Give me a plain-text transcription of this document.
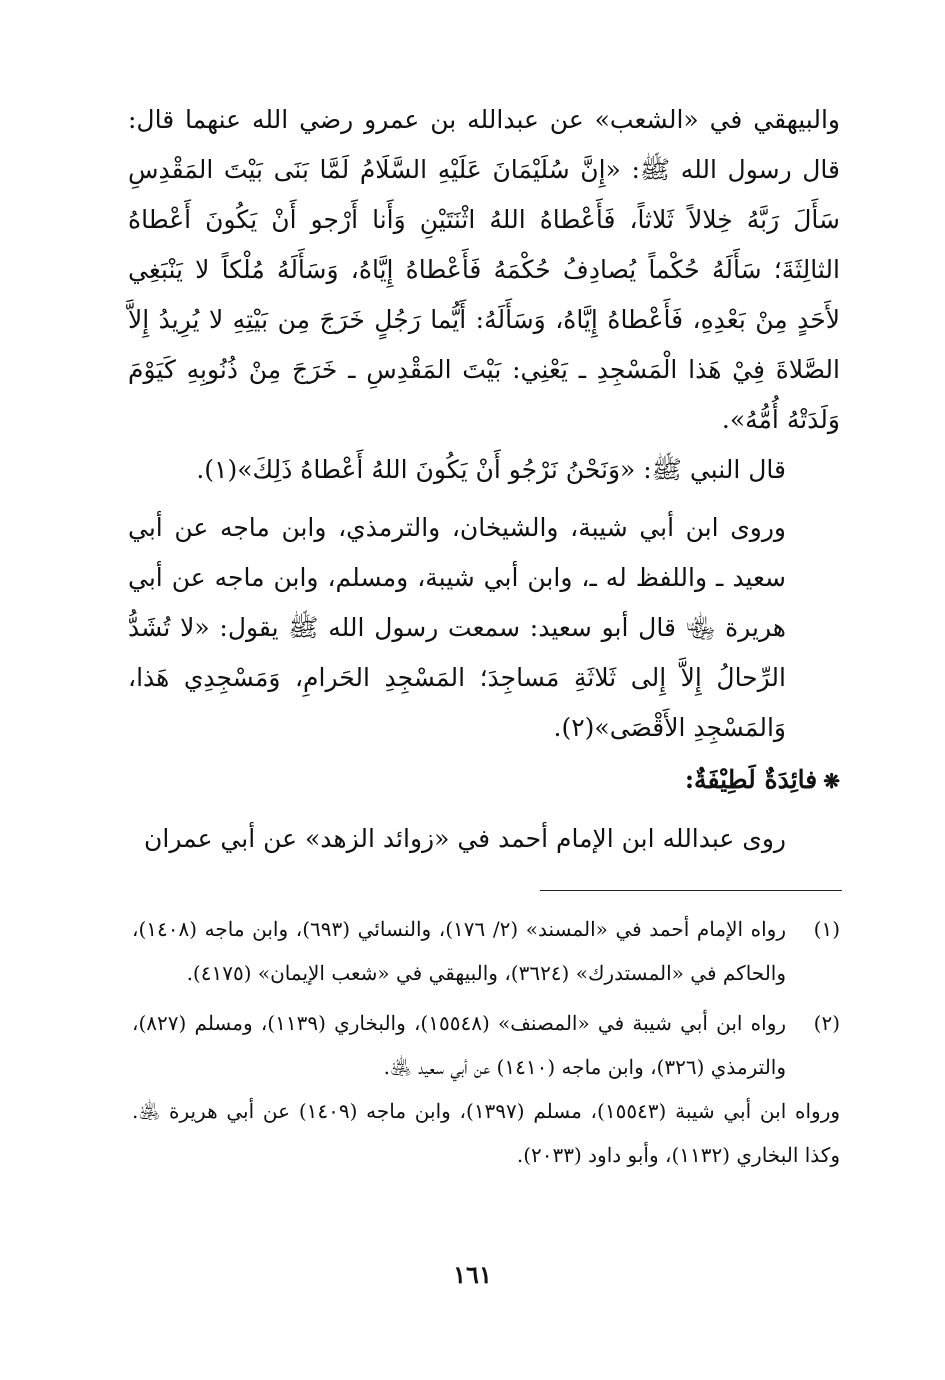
والبيهقي في «الشعب» عن عبدالله بن عمرو رضي الله عنهما قال: قال رسول الله ﷺ: «إِنَّ سُلَيْمَانَ عَلَيْهِ السَّلَامُ لَمَّا بَنَى بَيْتَ المَقْدِسِ سَأَلَ رَبَّهُ خِلالاً ثَلاثاً، فَأَعْطاهُ اللهُ اثْنَتَيْنِ وَأَنا أَرْجو أَنْ يَكُونَ أَعْطاهُ الثالِثَةَ؛ سَأَلَهُ حُكْماً يُصادِفُ حُكْمَهُ فَأَعْطاهُ إِيَّاهُ، وَسَأَلَهُ مُلْكاً لا يَنْبَغِي لأَحَدٍ مِنْ بَعْدِهِ، فَأَعْطاهُ إِيَّاهُ، وَسَأَلَهُ: أَيُّما رَجُلٍ خَرَجَ مِن بَيْتِهِ لا يُرِيدُ إِلاَّ الصَّلاةَ فِيْ هَذا الْمَسْجِدِ ـ يَعْنِي: بَيْتَ المَقْدِسِ ـ خَرَجَ مِنْ ذُنُوبِهِ كَيَوْمَ وَلَدَتْهُ أُمُّهُ».

قال النبي ﷺ: «وَنَحْنُ نَرْجُو أَنْ يَكُونَ اللهُ أَعْطاهُ ذَلِكَ»(١).

وروى ابن أبي شيبة، والشيخان، والترمذي، وابن ماجه عن أبي سعيد ـ واللفظ له ـ، وابن أبي شيبة، ومسلم، وابن ماجه عن أبي هريرة ﵄ قال أبو سعيد: سمعت رسول الله ﷺ يقول: «لا تُشَدُّ الرِّحالُ إِلاَّ إِلى ثَلاثَةِ مَساجِدَ؛ المَسْجِدِ الحَرامِ، وَمَسْجِدِي هَذا، وَالمَسْجِدِ الأَقْصَى»(٢).

❋فائِدَةٌ لَطِيْفَةٌ:

روى عبدالله ابن الإمام أحمد في «زوائد الزهد» عن أبي عمران

(١)
رواه الإمام أحمد في «المسند» (٢/ ١٧٦)، والنسائي (٦٩٣)، وابن ماجه (١٤٠٨)، والحاكم في «المستدرك» (٣٦٢٤)، والبيهقي في «شعب الإيمان» (٤١٧٥).
(٢)

رواه ابن أبي شيبة في «المصنف» (١٥٥٤٨)، والبخاري (١١٣٩)، ومسلم (٨٢٧)، والترمذي (٣٢٦)، وابن ماجه (١٤١٠) عن أبي سعيد ﵁.

ورواه ابن أبي شيبة (١٥٥٤٣)، مسلم (١٣٩٧)، وابن ماجه (١٤٠٩) عن أبي هريرة ﵁. وكذا البخاري (١١٣٢)، وأبو داود (٢٠٣٣).

١٦١
